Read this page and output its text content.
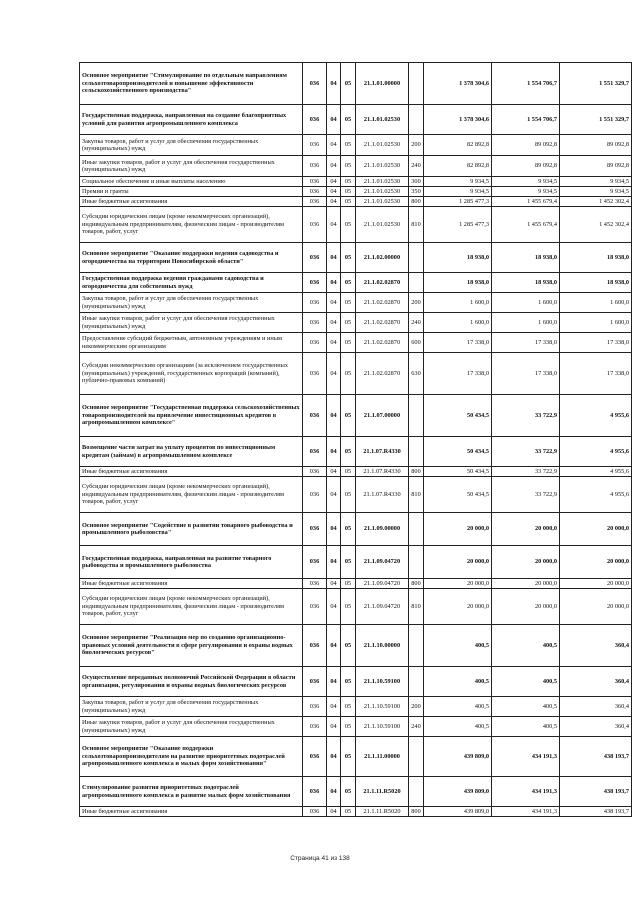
Основное мероприятие "Стимулирование по отдельным направлениям сельхозтоваропроизводителей и повышение эффективности сельскохозяйственного производства"	036	04	05	21.1.01.00000		1 378 304,6	1 554 706,7	1 551 329,7
Государственная поддержка, направленная на создание благоприятных условий для развития агропромышленного комплекса	036	04	05	21.1.01.02530		1 378 304,6	1 554 706,7	1 551 329,7
Закупка товаров, работ и услуг для обеспечения государственных (муниципальных) нужд	036	04	05	21.1.01.02530	200	82 892,8	89 092,8	89 092,8
Иные закупки товаров, работ и услуг для обеспечения государственных (муниципальных) нужд	036	04	05	21.1.01.02530	240	82 892,8	89 092,8	89 092,8
Социальное обеспечение и иные выплаты населению	036	04	05	21.1.01.02530	300	9 934,5	9 934,5	9 934,5
Премии и гранты	036	04	05	21.1.01.02530	350	9 934,5	9 934,5	9 934,5
Иные бюджетные ассигнования	036	04	05	21.1.01.02530	800	1 285 477,3	1 455 679,4	1 452 302,4
Субсидии юридическим лицам (кроме некоммерческих организаций), индивидуальным предпринимателям, физическим лицам - производителям товаров, работ, услуг	036	04	05	21.1.01.02530	810	1 285 477,3	1 455 679,4	1 452 302,4
Основное мероприятие "Оказание поддержки ведения садоводства и огородничества на территории Новосибирской области"	036	04	05	21.1.02.00000		18 938,0	18 938,0	18 938,0
Государственная поддержка ведения гражданами садоводства и огородничества для собственных нужд	036	04	05	21.1.02.02870		18 938,0	18 938,0	18 938,0
Закупка товаров, работ и услуг для обеспечения государственных (муниципальных) нужд	036	04	05	21.1.02.02870	200	1 600,0	1 600,0	1 600,0
Иные закупки товаров, работ и услуг для обеспечения государственных (муниципальных) нужд	036	04	05	21.1.02.02870	240	1 600,0	1 600,0	1 600,0
Предоставление субсидий бюджетным, автономным учреждениям и иным некоммерческим организациям	036	04	05	21.1.02.02870	600	17 338,0	17 338,0	17 338,0
Субсидии некоммерческим организациям (за исключением государственных (муниципальных) учреждений, государственных корпораций (компаний), публично-правовых компаний)	036	04	05	21.1.02.02870	630	17 338,0	17 338,0	17 338,0
Основное мероприятие "Государственная поддержка сельскохозяйственных товаропроизводителей на привлечение инвестиционных кредитов в агропромышленном комплексе"	036	04	05	21.1.07.00000		50 434,5	33 722,9	4 955,6
Возмещение части затрат на уплату процентов по инвестиционным кредитам (займам) в агропромышленном комплексе	036	04	05	21.1.07.R4330		50 434,5	33 722,9	4 955,6
Иные бюджетные ассигнования	036	04	05	21.1.07.R4330	800	50 434,5	33 722,9	4 955,6
Субсидии юридическим лицам (кроме некоммерческих организаций), индивидуальным предпринимателям, физическим лицам - производителям товаров, работ, услуг	036	04	05	21.1.07.R4330	810	50 434,5	33 722,9	4 955,6
Основное мероприятие "Содействие в развитии товарного рыбоводства и промышленного рыболовства"	036	04	05	21.1.09.00000		20 000,0	20 000,0	20 000,0
Государственная поддержка, направленная на развитие товарного рыбоводства и промышленного рыболовства	036	04	05	21.1.09.04720		20 000,0	20 000,0	20 000,0
Иные бюджетные ассигнования	036	04	05	21.1.09.04720	800	20 000,0	20 000,0	20 000,0
Субсидии юридическим лицам (кроме некоммерческих организаций), индивидуальным предпринимателям, физическим лицам - производителям товаров, работ, услуг	036	04	05	21.1.09.04720	810	20 000,0	20 000,0	20 000,0
Основное мероприятие "Реализация мер по созданию организационно-правовых условий деятельности в сфере регулирования и охраны водных биологических ресурсов"	036	04	05	21.1.10.00000		400,5	400,5	360,4
Осуществление переданных полномочий Российской Федерации в области организации, регулирования и охраны водных биологических ресурсов	036	04	05	21.1.10.59100		400,5	400,5	360,4
Закупка товаров, работ и услуг для обеспечения государственных (муниципальных) нужд	036	04	05	21.1.10.59100	200	400,5	400,5	360,4
Иные закупки товаров, работ и услуг для обеспечения государственных (муниципальных) нужд	036	04	05	21.1.10.59100	240	400,5	400,5	360,4
Основное мероприятие "Оказание поддержки сельхозтоваропроизводителям на развитие приоритетных подотраслей агропромышленного комплекса и малых форм хозяйствования"	036	04	05	21.1.11.00000		439 809,0	434 191,3	438 193,7
Стимулирование развития приоритетных подотраслей агропромышленного комплекса и развитие малых форм хозяйствования	036	04	05	21.1.11.R5020		439 809,0	434 191,3	438 193,7
Иные бюджетные ассигнования	036	04	05	21.1.11.R5020	800	439 809,0	434 191,3	438 193,7
Страница 41 из 138
